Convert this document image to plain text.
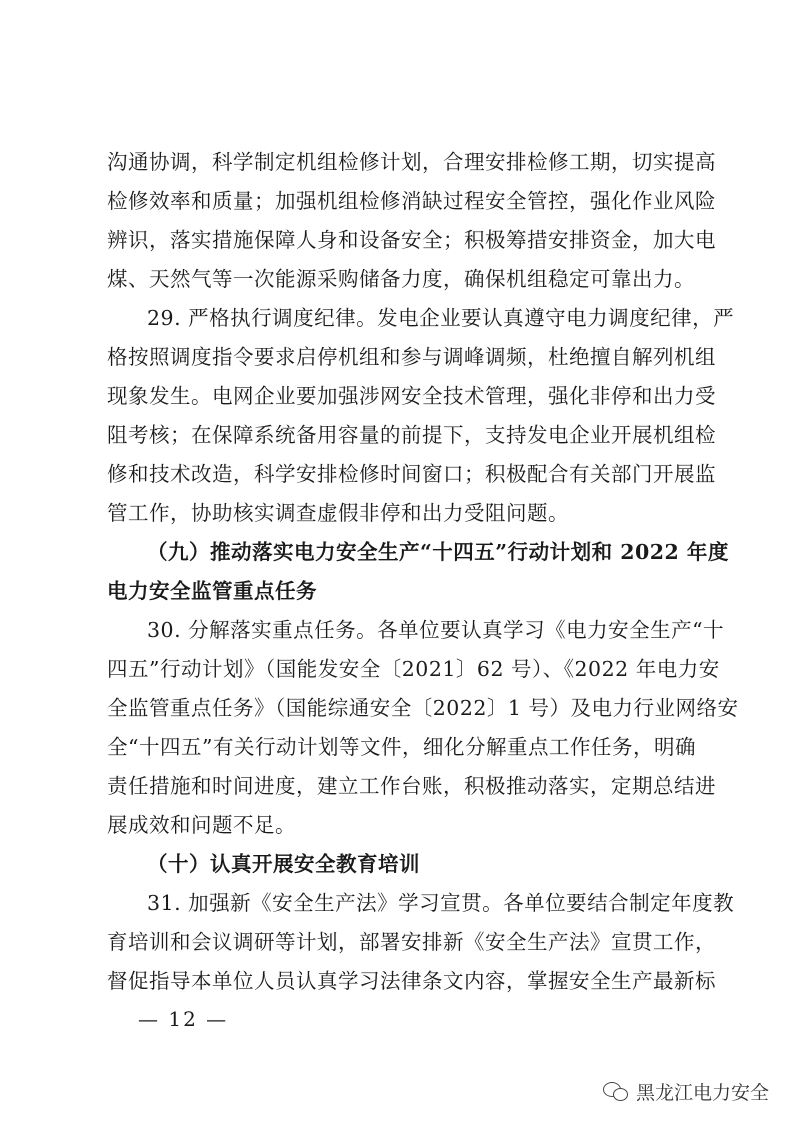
沟通协调，科学制定机组检修计划，合理安排检修工期，切实提高
检修效率和质量；加强机组检修消缺过程安全管控，强化作业风险
辨识，落实措施保障人身和设备安全；积极筹措安排资金，加大电
煤、天然气等一次能源采购储备力度，确保机组稳定可靠出力。
29. 严格执行调度纪律。发电企业要认真遵守电力调度纪律，严
格按照调度指令要求启停机组和参与调峰调频，杜绝擅自解列机组
现象发生。电网企业要加强涉网安全技术管理，强化非停和出力受
阻考核；在保障系统备用容量的前提下，支持发电企业开展机组检
修和技术改造，科学安排检修时间窗口；积极配合有关部门开展监
管工作，协助核实调查虚假非停和出力受阻问题。
（九）推动落实电力安全生产“十四五”行动计划和 2022 年度
电力安全监管重点任务
30. 分解落实重点任务。各单位要认真学习《电力安全生产“十
四五”行动计划》（国能发安全〔2021〕62 号）、《2022 年电力安
全监管重点任务》（国能综通安全〔2022〕1 号）及电力行业网络安
全“十四五”有关行动计划等文件，细化分解重点工作任务，明确
责任措施和时间进度，建立工作台账，积极推动落实，定期总结进
展成效和问题不足。
（十）认真开展安全教育培训
31. 加强新《安全生产法》学习宣贯。各单位要结合制定年度教
育培训和会议调研等计划，部署安排新《安全生产法》宣贯工作，
督促指导本单位人员认真学习法律条文内容，掌握安全生产最新标
— 12 —
黑龙江电力安全
